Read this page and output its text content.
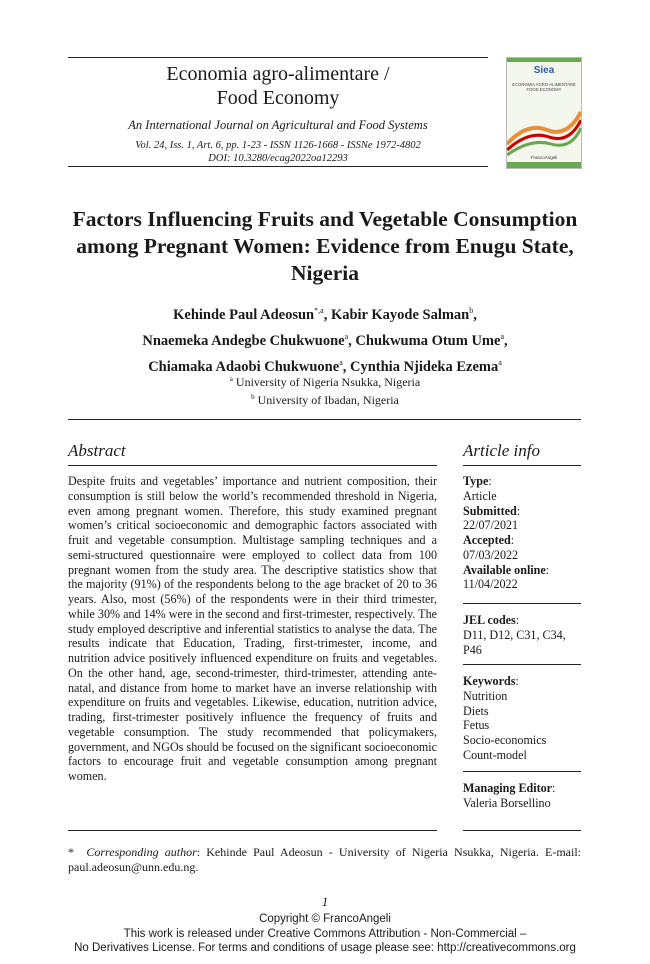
Economia agro-alimentare /
Food Economy
An International Journal on Agricultural and Food Systems
Vol. 24, Iss. 1, Art. 6, pp. 1-23 - ISSN 1126-1668 - ISSNe 1972-4802
DOI: 10.3280/ecag2022oa12293
Siea
ECONOMIA AGRO-ALIMENTARE FOOD ECONOMY
FrancoAngeli
Factors Influencing Fruits and Vegetable Consumption among Pregnant Women: Evidence from Enugu State, Nigeria
Kehinde Paul Adeosun$^{*,a}$, Kabir Kayode Salman$^b$,
Nnaemeka Andegbe Chukwuone$^a$, Chukwuma Otum Ume$^a$,
Chiamaka Adaobi Chukwuone$^a$, Cynthia Njideka Ezema$^a$
$^a$ University of Nigeria Nsukka, Nigeria
$^b$ University of Ibadan, Nigeria
Abstract
Despite fruits and vegetables’ importance and nutrient composition, their consumption is still below the world’s recommended threshold in Nigeria, even among pregnant women. Therefore, this study examined pregnant women’s critical socioeconomic and demographic factors associated with fruit and vegetable consumption. Multistage sampling techniques and a semi-structured questionnaire were employed to collect data from 100 pregnant women from the study area. The descriptive statistics show that the majority (91%) of the respondents belong to the age bracket of 20 to 36 years. Also, most (56%) of the respondents were in their third trimester, while 30% and 14% were in the second and first-trimester, respectively. The study employed descriptive and inferential statistics to analyse the data. The results indicate that Education, Trading, first-trimester, income, and nutrition advice positively influenced expenditure on fruits and vegetables. On the other hand, age, second-trimester, third-trimester, attending ante-natal, and distance from home to market have an inverse relationship with expenditure on fruits and vegetables. Likewise, education, nutrition advice, trading, first-trimester positively influence the frequency of fruits and vegetable consumption. The study recommended that policymakers, government, and NGOs should be focused on the significant socioeconomic factors to encourage fruit and vegetable consumption among pregnant women.
Article info
Type:
Article
Submitted:
22/07/2021
Accepted:
07/03/2022
Available online:
11/04/2022
JEL codes:
D11, D12, C31, C34,
P46
Keywords:
Nutrition
Diets
Fetus
Socio-economics
Count-model
Managing Editor:
Valeria Borsellino
* Corresponding author: Kehinde Paul Adeosun - University of Nigeria Nsukka, Nigeria. E-mail: paul.adeosun@unn.edu.ng.
1
Copyright © FrancoAngeli
This work is released under Creative Commons Attribution - Non-Commercial –
No Derivatives License. For terms and conditions of usage please see: http://creativecommons.org
